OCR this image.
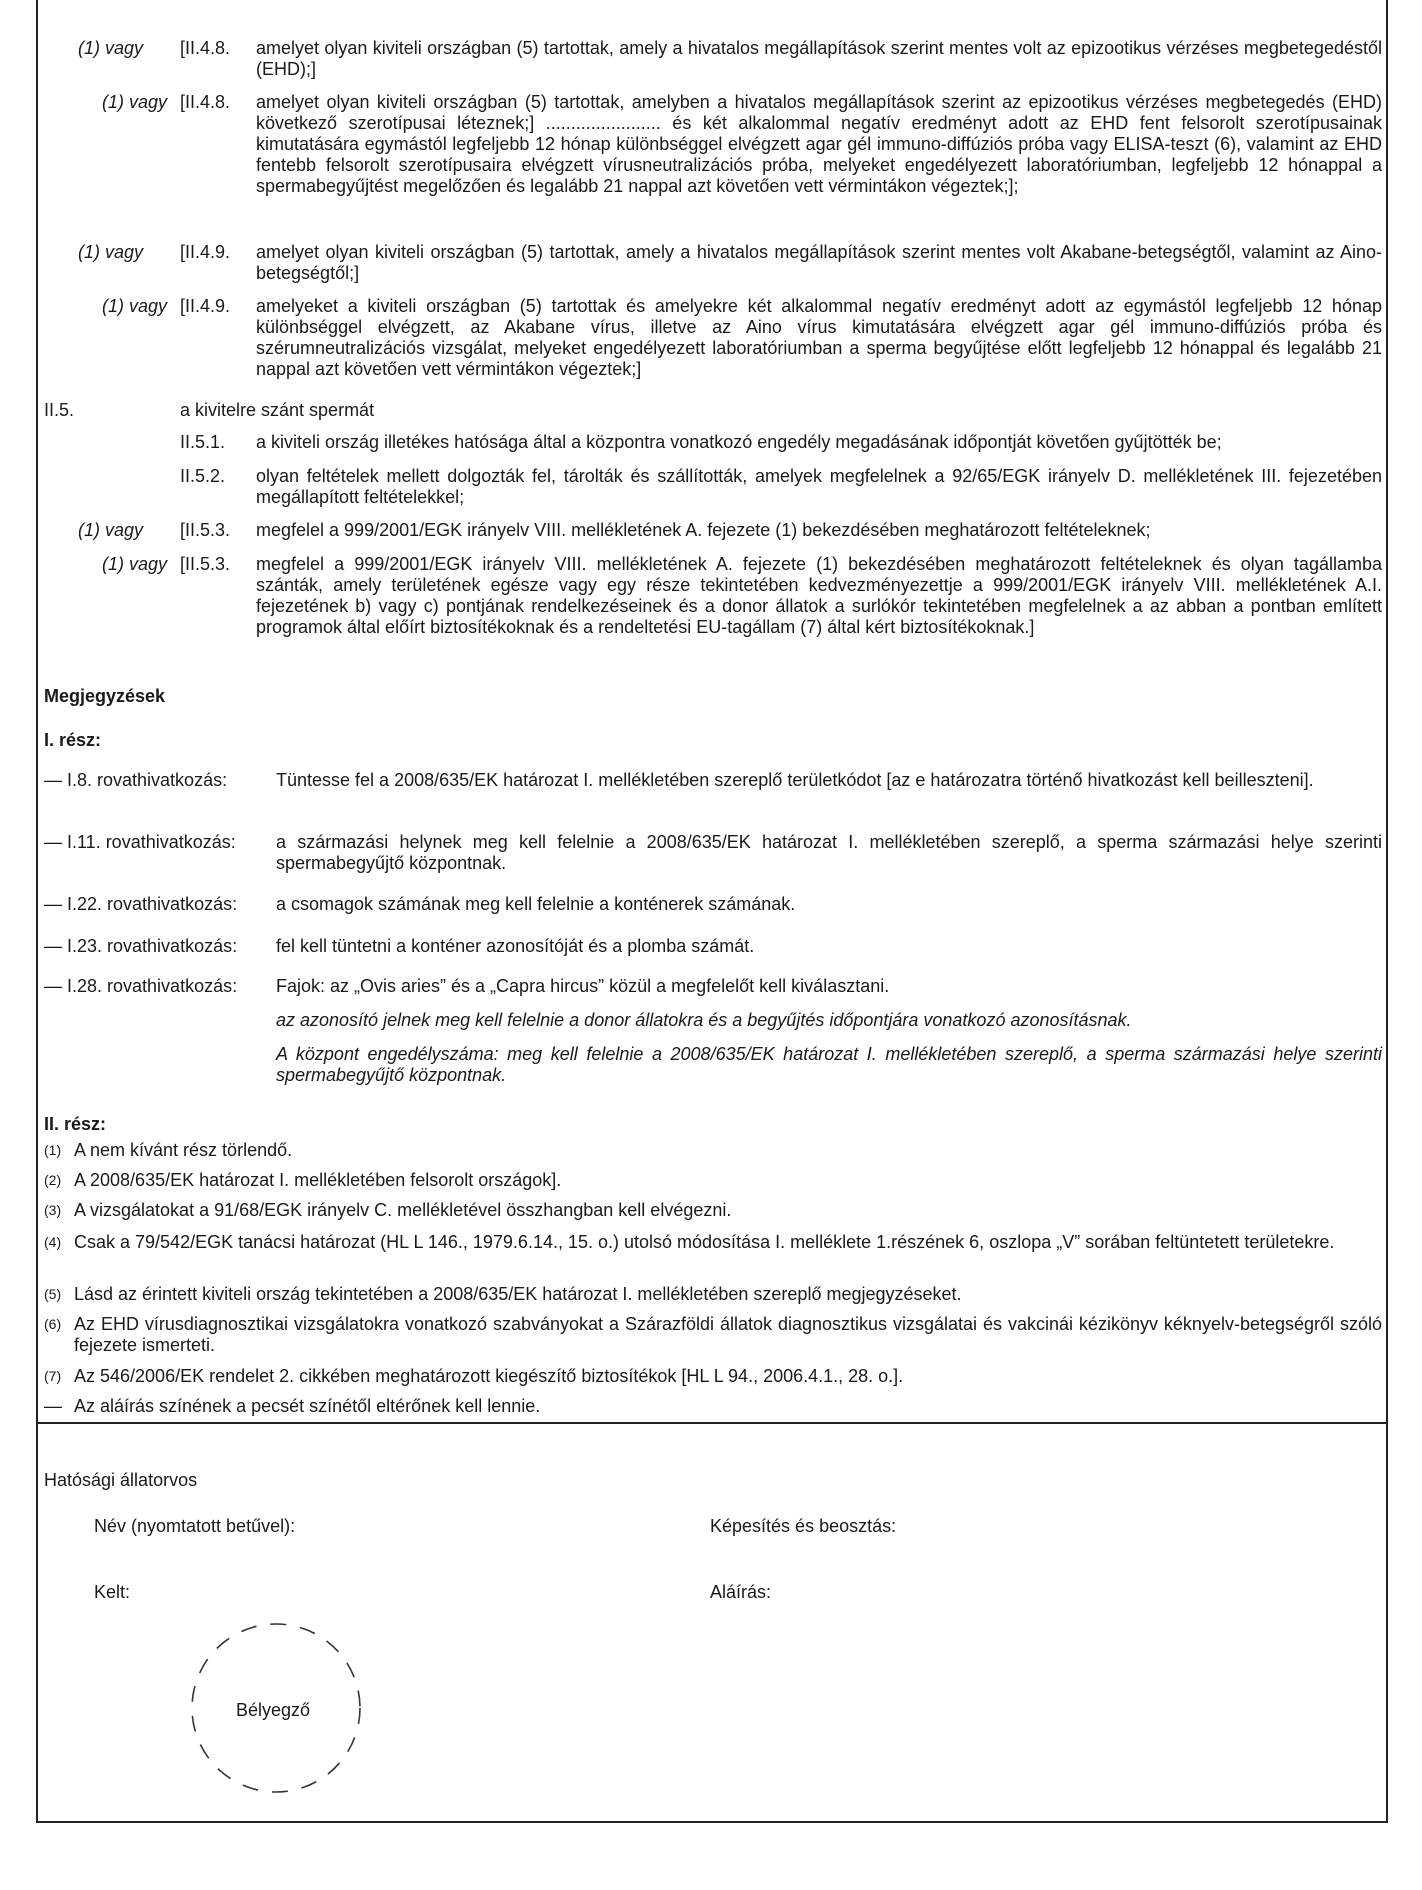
(1) vagy [II.4.8. amelyet olyan kiviteli országban (5) tartottak, amely a hivatalos megállapítások szerint mentes volt az epizootikus vérzéses megbetegedéstől (EHD);]
(1) vagy [II.4.8. amelyet olyan kiviteli országban (5) tartottak, amelyben a hivatalos megállapítások szerint az epizootikus vérzéses megbetegedés (EHD) következő szerotípusai léteznek;] ....................... és két alkalommal negatív eredményt adott az EHD fent felsorolt szerotípusainak kimutatására egymástól legfeljebb 12 hónap különbséggel elvégzett agar gél immuno-diffúziós próba vagy ELISA-teszt (6), valamint az EHD fentebb felsorolt szerotípusaira elvégzett vírusneutralizációs próba, melyeket engedélyezett laboratóriumban, legfeljebb 12 hónappal a spermabegyűjtést megelőzően és legalább 21 nappal azt követően vett vérmintákon végeztek;];
(1) vagy [II.4.9. amelyet olyan kiviteli országban (5) tartottak, amely a hivatalos megállapítások szerint mentes volt Akabane-betegségtől, valamint az Aino-betegségtől;]
(1) vagy [II.4.9. amelyeket a kiviteli országban (5) tartottak és amelyekre két alkalommal negatív eredményt adott az egymástól legfeljebb 12 hónap különbséggel elvégzett, az Akabane vírus, illetve az Aino vírus kimutatására elvégzett agar gél immuno-diffúziós próba és szérumneutralizációs vizsgálat, melyeket engedélyezett laboratóriumban a sperma begyűjtése előtt legfeljebb 12 hónappal és legalább 21 nappal azt követően vett vérmintákon végeztek;]
II.5.	a kivitelre szánt spermát
II.5.1. a kiviteli ország illetékes hatósága által a központra vonatkozó engedély megadásának időpontját követően gyűjtötték be;
II.5.2. olyan feltételek mellett dolgozták fel, tárolták és szállították, amelyek megfelelnek a 92/65/EGK irányelv D. mellékletének III. fejezetében megállapított feltételekkel;
(1) vagy [II.5.3. megfelel a 999/2001/EGK irányelv VIII. mellékletének A. fejezete (1) bekezdésében meghatározott feltételeknek;
(1) vagy [II.5.3. megfelel a 999/2001/EGK irányelv VIII. mellékletének A. fejezete (1) bekezdésében meghatározott feltételeknek és olyan tagállamba szánták, amely területének egésze vagy egy része tekintetében kedvezményezettje a 999/2001/EGK irányelv VIII. mellékletének A.I. fejezetének b) vagy c) pontjának rendelkezéseinek és a donor állatok a surlókór tekintetében megfelelnek a az abban a pontban említett programok által előírt biztosítékoknak és a rendeltetési EU-tagállam (7) által kért biztosítékoknak.]
Megjegyzések
I. rész:
— I.8. rovathivatkozás:	Tüntesse fel a 2008/635/EK határozat I. mellékletében szereplő területkódot [az e határozatra történő hivatkozást kell beilleszteni].
— I.11. rovathivatkozás: a származási helynek meg kell felelnie a 2008/635/EK határozat I. mellékletében szereplő, a sperma származási helye szerinti spermabegyűjtő központnak.
— I.22. rovathivatkozás: a csomagok számának meg kell felelnie a konténerek számának.
— I.23. rovathivatkozás: fel kell tüntetni a konténer azonosítóját és a plomba számát.
— I.28. rovathivatkozás: Fajok: az „Ovis aries” és a „Capra hircus” közül a megfelelőt kell kiválasztani.
az azonosító jelnek meg kell felelnie a donor állatokra és a begyűjtés időpontjára vonatkozó azonosításnak.
A központ engedélyszáma: meg kell felelnie a 2008/635/EK határozat I. mellékletében szereplő, a sperma származási helye szerinti spermabegyűjtő központnak.
II. rész:
(1) A nem kívánt rész törlendő.
(2) A 2008/635/EK határozat I. mellékletében felsorolt országok].
(3) A vizsgálatokat a 91/68/EGK irányelv C. mellékletével összhangban kell elvégezni.
(4) Csak a 79/542/EGK tanácsi határozat (HL L 146., 1979.6.14., 15. o.) utolsó módosítása I. melléklete 1.részének 6, oszlopa „V” sorában feltüntetett területekre.
(5) Lásd az érintett kiviteli ország tekintetében a 2008/635/EK határozat I. mellékletében szereplő megjegyzéseket.
(6) Az EHD vírusdiagnosztikai vizsgálatokra vonatkozó szabványokat a Szárazföldi állatok diagnosztikus vizsgálatai és vakcinái kézikönyv kéknyelv-betegségről szóló fejezete ismerteti.
(7) Az 546/2006/EK rendelet 2. cikkében meghatározott kiegészítő biztosítékok [HL L 94., 2006.4.1., 28. o.].
— Az aláírás színének a pecsét színétől eltérőnek kell lennie.
Hatósági állatorvos
Név (nyomtatott betűvel):	Képesítés és beosztás:
Kelt:	Aláírás:
Bélyegző
